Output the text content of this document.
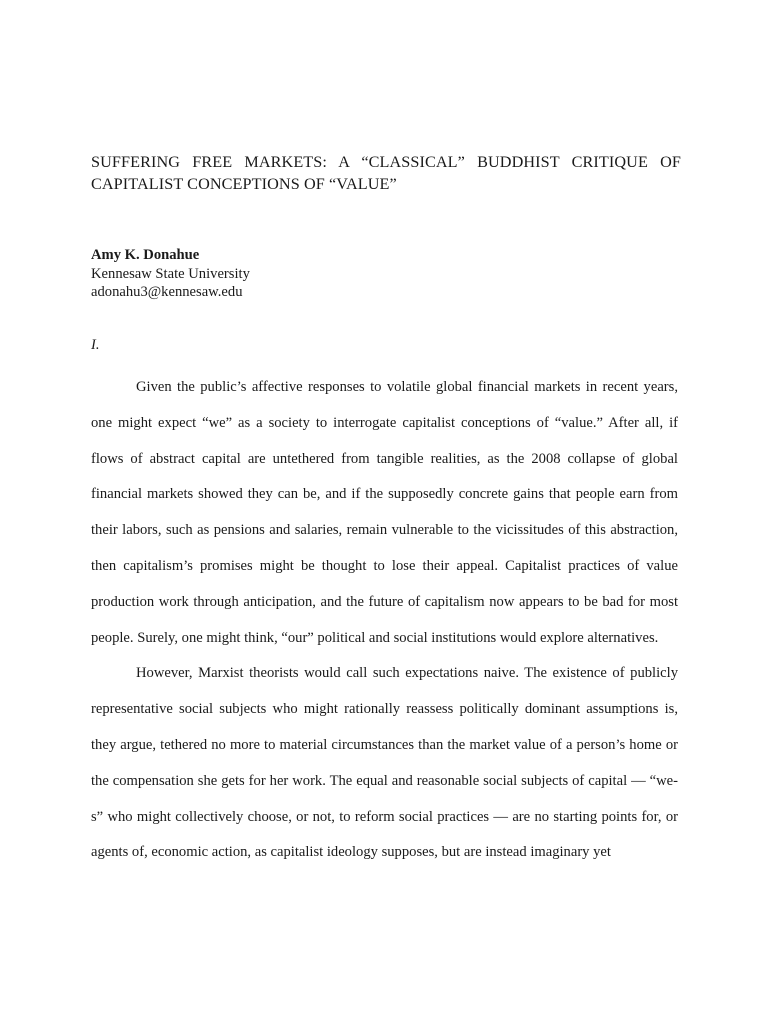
SUFFERING FREE MARKETS: A “CLASSICAL” BUDDHIST CRITIQUE OF CAPITALIST CONCEPTIONS OF “VALUE”
Amy K. Donahue
Kennesaw State University
adonahu3@kennesaw.edu
I.

Given the public’s affective responses to volatile global financial markets in recent years, one might expect “we” as a society to interrogate capitalist conceptions of “value.” After all, if flows of abstract capital are untethered from tangible realities, as the 2008 collapse of global financial markets showed they can be, and if the supposedly concrete gains that people earn from their labors, such as pensions and salaries, remain vulnerable to the vicissitudes of this abstraction, then capitalism’s promises might be thought to lose their appeal. Capitalist practices of value production work through anticipation, and the future of capitalism now appears to be bad for most people. Surely, one might think, “our” political and social institutions would explore alternatives.

However, Marxist theorists would call such expectations naive. The existence of publicly representative social subjects who might rationally reassess politically dominant assumptions is, they argue, tethered no more to material circumstances than the market value of a person’s home or the compensation she gets for her work. The equal and reasonable social subjects of capital — “we-s” who might collectively choose, or not, to reform social practices — are no starting points for, or agents of, economic action, as capitalist ideology supposes, but are instead imaginary yet
